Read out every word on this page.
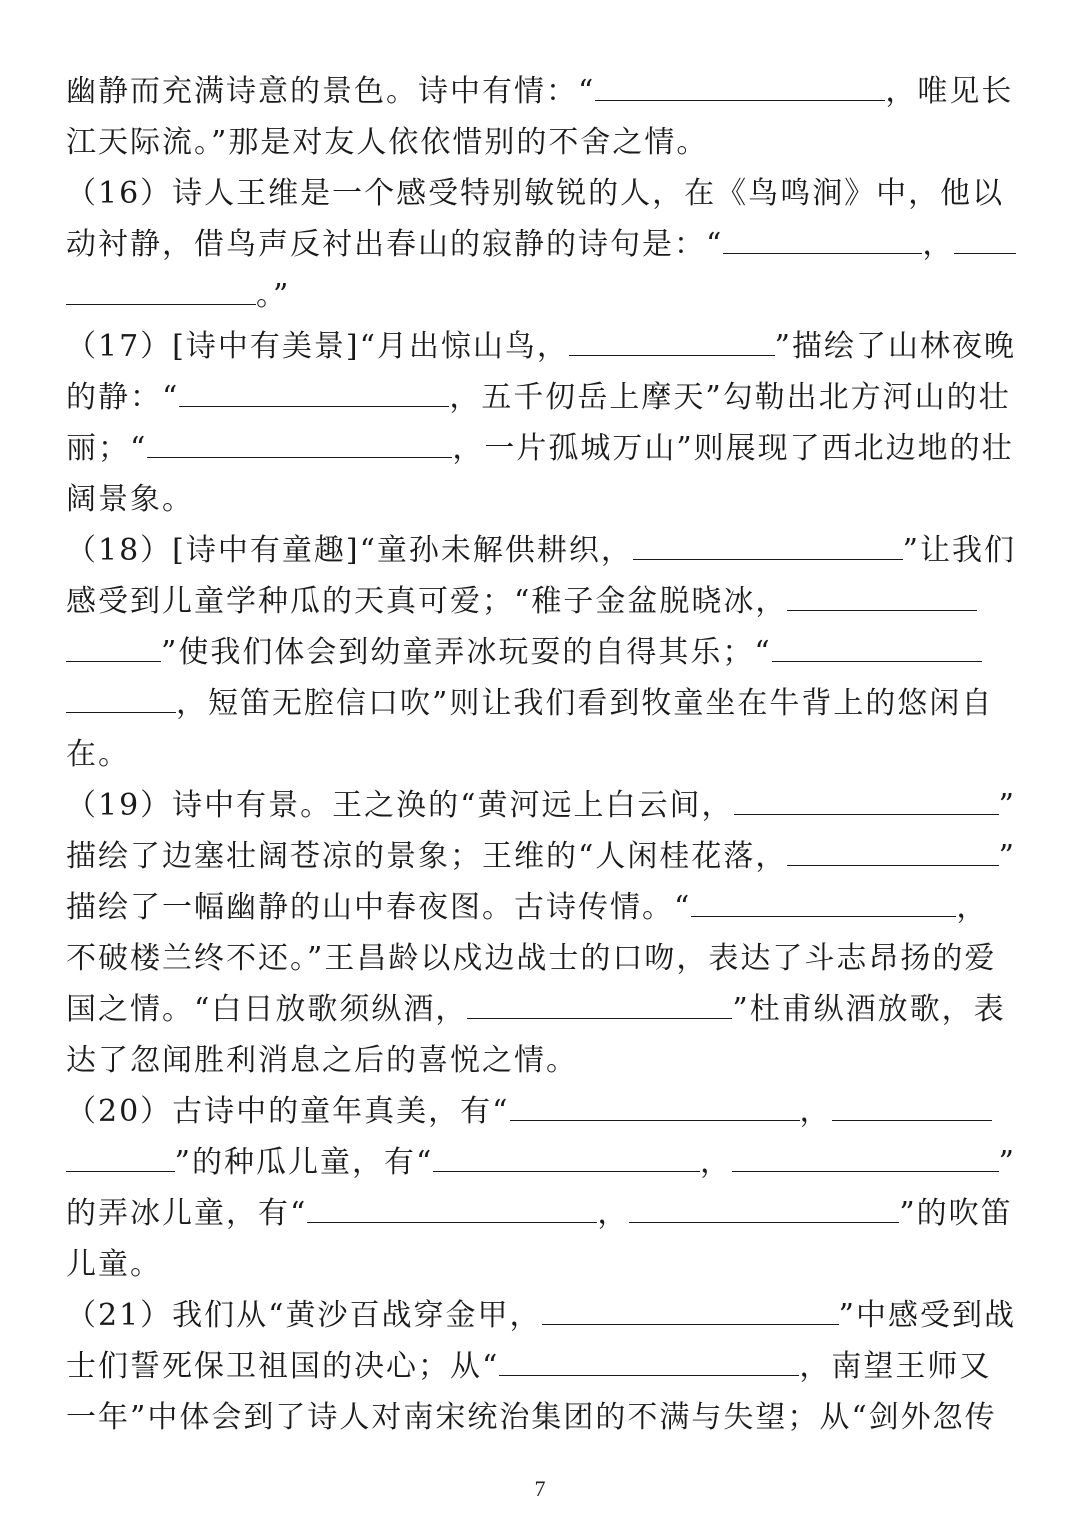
幽静而充满诗意的景色。诗中有情：“	，唯见长
江天际流。”那是对友人依依惜别的不舍之情。
（16）诗人王维是一个感受特别敏锐的人，在《鸟鸣涧》中，他以
动衬静，借鸟声反衬出春山的寂静的诗句是：“	，
。”
（17）[诗中有美景]“月出惊山鸟，	”描绘了山林夜晚
的静：“	，五千仞岳上摩天”勾勒出北方河山的壮
丽；“	，一片孤城万山”则展现了西北边地的壮
阔景象。
（18）[诗中有童趣]“童孙未解供耕织，	”让我们
感受到儿童学种瓜的天真可爱；“稚子金盆脱晓冰，
”使我们体会到幼童弄冰玩耍的自得其乐；“
，短笛无腔信口吹”则让我们看到牧童坐在牛背上的悠闲自
在。
（19）诗中有景。王之涣的“黄河远上白云间，	”
描绘了边塞壮阔苍凉的景象；王维的“人闲桂花落，	”
描绘了一幅幽静的山中春夜图。古诗传情。“	，
不破楼兰终不还。”王昌龄以戍边战士的口吻，表达了斗志昂扬的爱
国之情。“白日放歌须纵酒，	”杜甫纵酒放歌，表
达了忽闻胜利消息之后的喜悦之情。
（20）古诗中的童年真美，有“	，
”的种瓜儿童，有“	，	”
的弄冰儿童，有“	，	”的吹笛
儿童。
（21）我们从“黄沙百战穿金甲，	”中感受到战
士们誓死保卫祖国的决心；从“	，南望王师又
一年”中体会到了诗人对南宋统治集团的不满与失望；从“剑外忽传
7
